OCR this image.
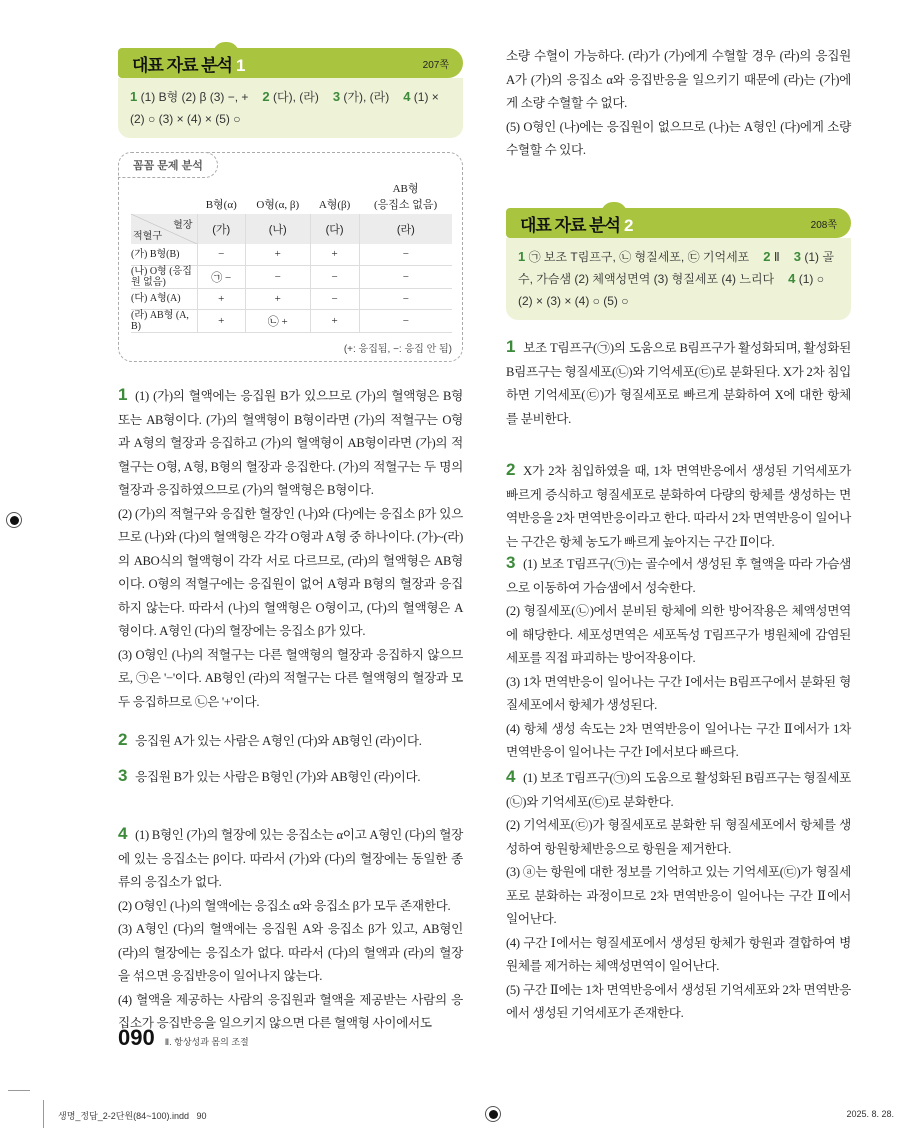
대표 자료 분석 1	207쪽
1 (1) B형 (2) β (3) −, + 2 (다), (라) 3 (가), (라) 4 (1) × (2) ○ (3) × (4) × (5) ○
꼼꼼 문제 분석
	B형(α)	O형(α, β)	A형(β)	AB형
(응집소 없음)

혈장
적혈구	(가)	(나)	(다)	(라)
(가) B형(B)	−	+	+	−
(나) O형 (응집원 없음)	㉠ −	−	−	−
(다) A형(A)	+	+	−	−
(라) AB형 (A, B)	+	㉡ +	+	−
(+: 응집됨, −: 응집 안 됨)
1 (1) (가)의 혈액에는 응집원 B가 있으므로 (가)의 혈액형은 B형 또는 AB형이다. (가)의 혈액형이 B형이라면 (가)의 적혈구는 O형과 A형의 혈장과 응집하고 (가)의 혈액형이 AB형이라면 (가)의 적혈구는 O형, A형, B형의 혈장과 응집한다. (가)의 적혈구는 두 명의 혈장과 응집하였으므로 (가)의 혈액형은 B형이다.
(2) (가)의 적혈구와 응집한 혈장인 (나)와 (다)에는 응집소 β가 있으므로 (나)와 (다)의 혈액형은 각각 O형과 A형 중 하나이다. (가)~(라)의 ABO식의 혈액형이 각각 서로 다르므로, (라)의 혈액형은 AB형이다. O형의 적혈구에는 응집원이 없어 A형과 B형의 혈장과 응집하지 않는다. 따라서 (나)의 혈액형은 O형이고, (다)의 혈액형은 A형이다. A형인 (다)의 혈장에는 응집소 β가 있다.
(3) O형인 (나)의 적혈구는 다른 혈액형의 혈장과 응집하지 않으므로, ㉠은 '−'이다. AB형인 (라)의 적혈구는 다른 혈액형의 혈장과 모두 응집하므로 ㉡은 '+'이다.
2 응집원 A가 있는 사람은 A형인 (다)와 AB형인 (라)이다.
3 응집원 B가 있는 사람은 B형인 (가)와 AB형인 (라)이다.
4 (1) B형인 (가)의 혈장에 있는 응집소는 α이고 A형인 (다)의 혈장에 있는 응집소는 β이다. 따라서 (가)와 (다)의 혈장에는 동일한 종류의 응집소가 없다.
(2) O형인 (나)의 혈액에는 응집소 α와 응집소 β가 모두 존재한다.
(3) A형인 (다)의 혈액에는 응집원 A와 응집소 β가 있고, AB형인 (라)의 혈장에는 응집소가 없다. 따라서 (다)의 혈액과 (라)의 혈장을 섞으면 응집반응이 일어나지 않는다.
(4) 혈액을 제공하는 사람의 응집원과 혈액을 제공받는 사람의 응집소가 응집반응을 일으키지 않으면 다른 혈액형 사이에서도
소량 수혈이 가능하다. (라)가 (가)에게 수혈할 경우 (라)의 응집원 A가 (가)의 응집소 α와 응집반응을 일으키기 때문에 (라)는 (가)에게 소량 수혈할 수 없다.
(5) O형인 (나)에는 응집원이 없으므로 (나)는 A형인 (다)에게 소량 수혈할 수 있다.
대표 자료 분석 2	208쪽
1 ㉠ 보조 T림프구, ㉡ 형질세포, ㉢ 기억세포 2 Ⅱ 3 (1) 골수, 가슴샘 (2) 체액성면역 (3) 형질세포 (4) 느리다 4 (1) ○ (2) × (3) × (4) ○ (5) ○
1 보조 T림프구(㉠)의 도움으로 B림프구가 활성화되며, 활성화된 B림프구는 형질세포(㉡)와 기억세포(㉢)로 분화된다. X가 2차 침입하면 기억세포(㉢)가 형질세포로 빠르게 분화하여 X에 대한 항체를 분비한다.
2 X가 2차 침입하였을 때, 1차 면역반응에서 생성된 기억세포가 빠르게 증식하고 형질세포로 분화하여 다량의 항체를 생성하는 면역반응을 2차 면역반응이라고 한다. 따라서 2차 면역반응이 일어나는 구간은 항체 농도가 빠르게 높아지는 구간 Ⅱ이다.
3 (1) 보조 T림프구(㉠)는 골수에서 생성된 후 혈액을 따라 가슴샘으로 이동하여 가슴샘에서 성숙한다.
(2) 형질세포(㉡)에서 분비된 항체에 의한 방어작용은 체액성면역에 해당한다. 세포성면역은 세포독성 T림프구가 병원체에 감염된 세포를 직접 파괴하는 방어작용이다.
(3) 1차 면역반응이 일어나는 구간 Ⅰ에서는 B림프구에서 분화된 형질세포에서 항체가 생성된다.
(4) 항체 생성 속도는 2차 면역반응이 일어나는 구간 Ⅱ에서가 1차 면역반응이 일어나는 구간 Ⅰ에서보다 빠르다.
4 (1) 보조 T림프구(㉠)의 도움으로 활성화된 B림프구는 형질세포(㉡)와 기억세포(㉢)로 분화한다.
(2) 기억세포(㉢)가 형질세포로 분화한 뒤 형질세포에서 항체를 생성하여 항원항체반응으로 항원을 제거한다.
(3) ⓐ는 항원에 대한 정보를 기억하고 있는 기억세포(㉢)가 형질세포로 분화하는 과정이므로 2차 면역반응이 일어나는 구간 Ⅱ에서 일어난다.
(4) 구간 Ⅰ에서는 형질세포에서 생성된 항체가 항원과 결합하여 병원체를 제거하는 체액성면역이 일어난다.
(5) 구간 Ⅱ에는 1차 면역반응에서 생성된 기억세포와 2차 면역반응에서 생성된 기억세포가 존재한다.
090 Ⅱ. 항상성과 몸의 조절
생명_정답_2-2단원(84~100).indd   90	2025. 8. 28.
